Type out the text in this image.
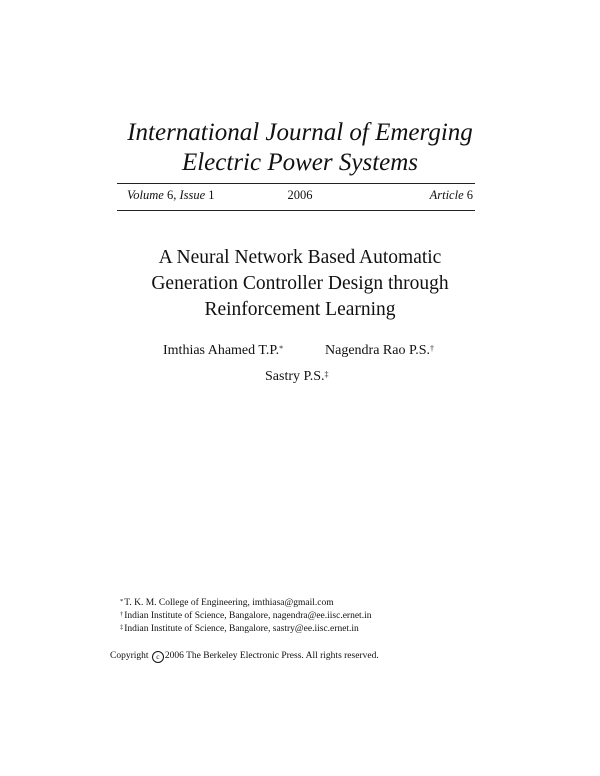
International Journal of Emerging
Electric Power Systems
Volume 6, Issue 1	2006	Article 6
A Neural Network Based Automatic
Generation Controller Design through
Reinforcement Learning
Imthias Ahamed T.P.*	Nagendra Rao P.S.†
Sastry P.S.‡
*T. K. M. College of Engineering, imthiasa@gmail.com
†Indian Institute of Science, Bangalore, nagendra@ee.iisc.ernet.in
‡Indian Institute of Science, Bangalore, sastry@ee.iisc.ernet.in
Copyright c 2006 The Berkeley Electronic Press. All rights reserved.
